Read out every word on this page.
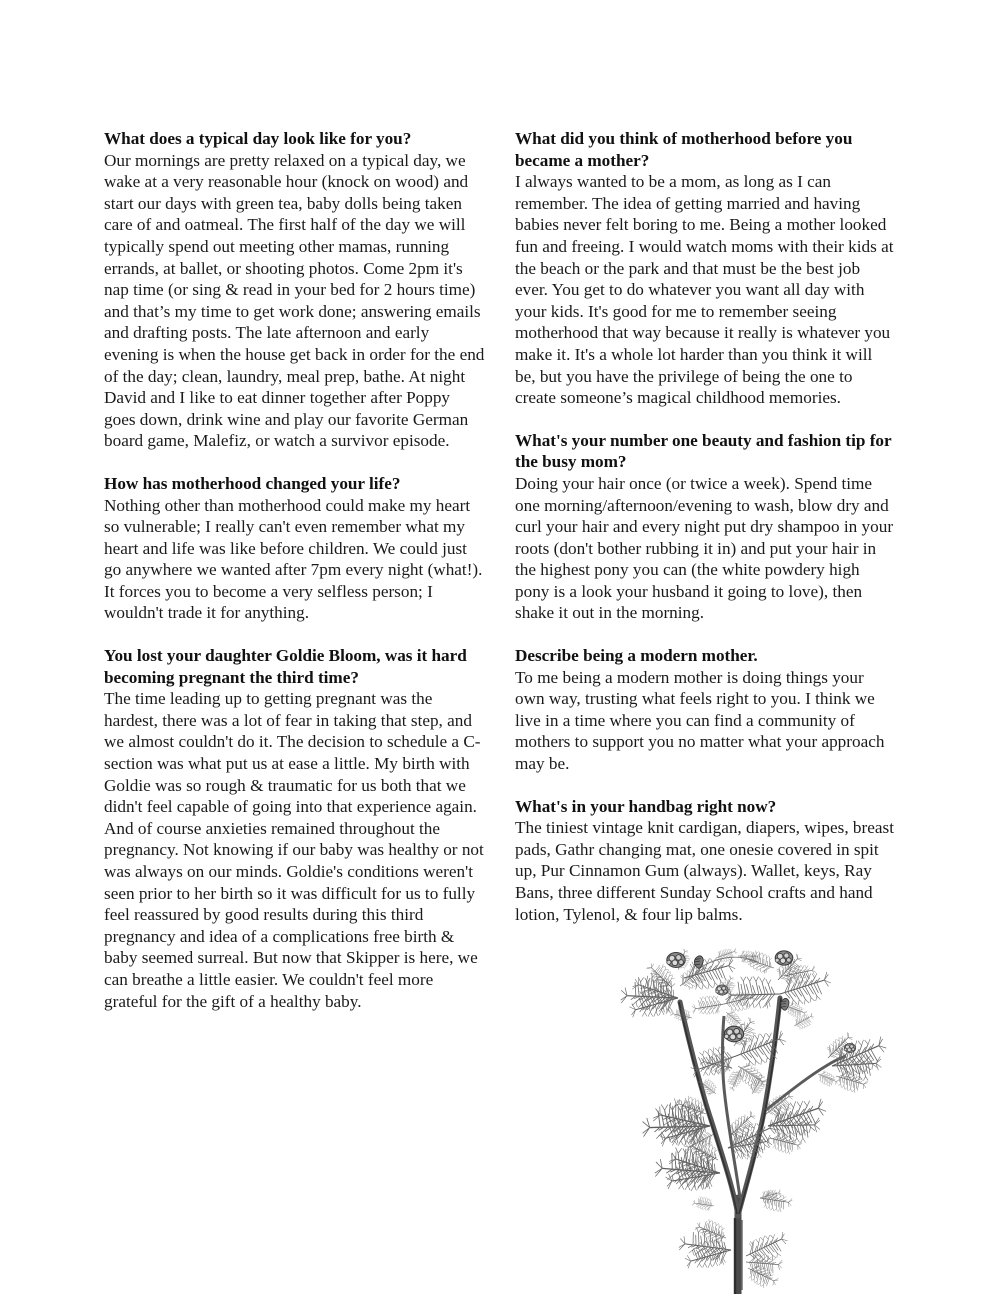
What does a typical day look like for you?

Our mornings are pretty relaxed on a typical day, we wake at a very reasonable hour (knock on wood) and start our days with green tea, baby dolls being taken care of and oatmeal. The first half of the day we will typically spend out meeting other mamas, running errands, at ballet, or shooting photos. Come 2pm it's nap time (or sing & read in your bed for 2 hours time) and that’s my time to get work done; answering emails and drafting posts. The late afternoon and early evening is when the house get back in order for the end of the day; clean, laundry, meal prep, bathe. At night David and I like to eat dinner together after Poppy goes down, drink wine and play our favorite German board game, Malefiz, or watch a survivor episode.

How has motherhood changed your life?

Nothing other than motherhood could make my heart so vulnerable; I really can't even remember what my heart and life was like before children. We could just go anywhere we wanted after 7pm every night (what!). It forces you to become a very selfless person; I wouldn't trade it for anything.

You lost your daughter Goldie Bloom, was it hard becoming pregnant the third time?

The time leading up to getting pregnant was the hardest, there was a lot of fear in taking that step, and we almost couldn't do it. The decision to schedule a C-section was what put us at ease a little. My birth with Goldie was so rough & traumatic for us both that we didn't feel capable of going into that experience again. And of course anxieties remained throughout the pregnancy. Not knowing if our baby was healthy or not was always on our minds. Goldie's conditions weren't seen prior to her birth so it was difficult for us to fully feel reassured by good results during this third pregnancy and idea of a complications free birth & baby seemed surreal. But now that Skipper is here, we can breathe a little easier. We couldn't feel more grateful for the gift of a healthy baby.

What did you think of motherhood before you became a mother?

I always wanted to be a mom, as long as I can remember. The idea of getting married and having babies never felt boring to me. Being a mother looked fun and freeing. I would watch moms with their kids at the beach or the park and that must be the best job ever. You get to do whatever you want all day with your kids. It's good for me to remember seeing motherhood that way because it really is whatever you make it. It's a whole lot harder than you think it will be, but you have the privilege of being the one to create someone’s magical childhood memories.

What's your number one beauty and fashion tip for the busy mom?

Doing your hair once (or twice a week). Spend time one morning/afternoon/evening to wash, blow dry and curl your hair and every night put dry shampoo in your roots (don't bother rubbing it in) and put your hair in the highest pony you can (the white powdery high pony is a look your husband it going to love), then shake it out in the morning.

Describe being a modern mother.

To me being a modern mother is doing things your own way, trusting what feels right to you. I think we live in a time where you can find a community of mothers to support you no matter what your approach may be.

What's in your handbag right now?

The tiniest vintage knit cardigan, diapers, wipes, breast pads, Gathr changing mat, one onesie covered in spit up, Pur Cinnamon Gum (always). Wallet, keys, Ray Bans, three different Sunday School crafts and hand lotion, Tylenol, & four lip balms.
